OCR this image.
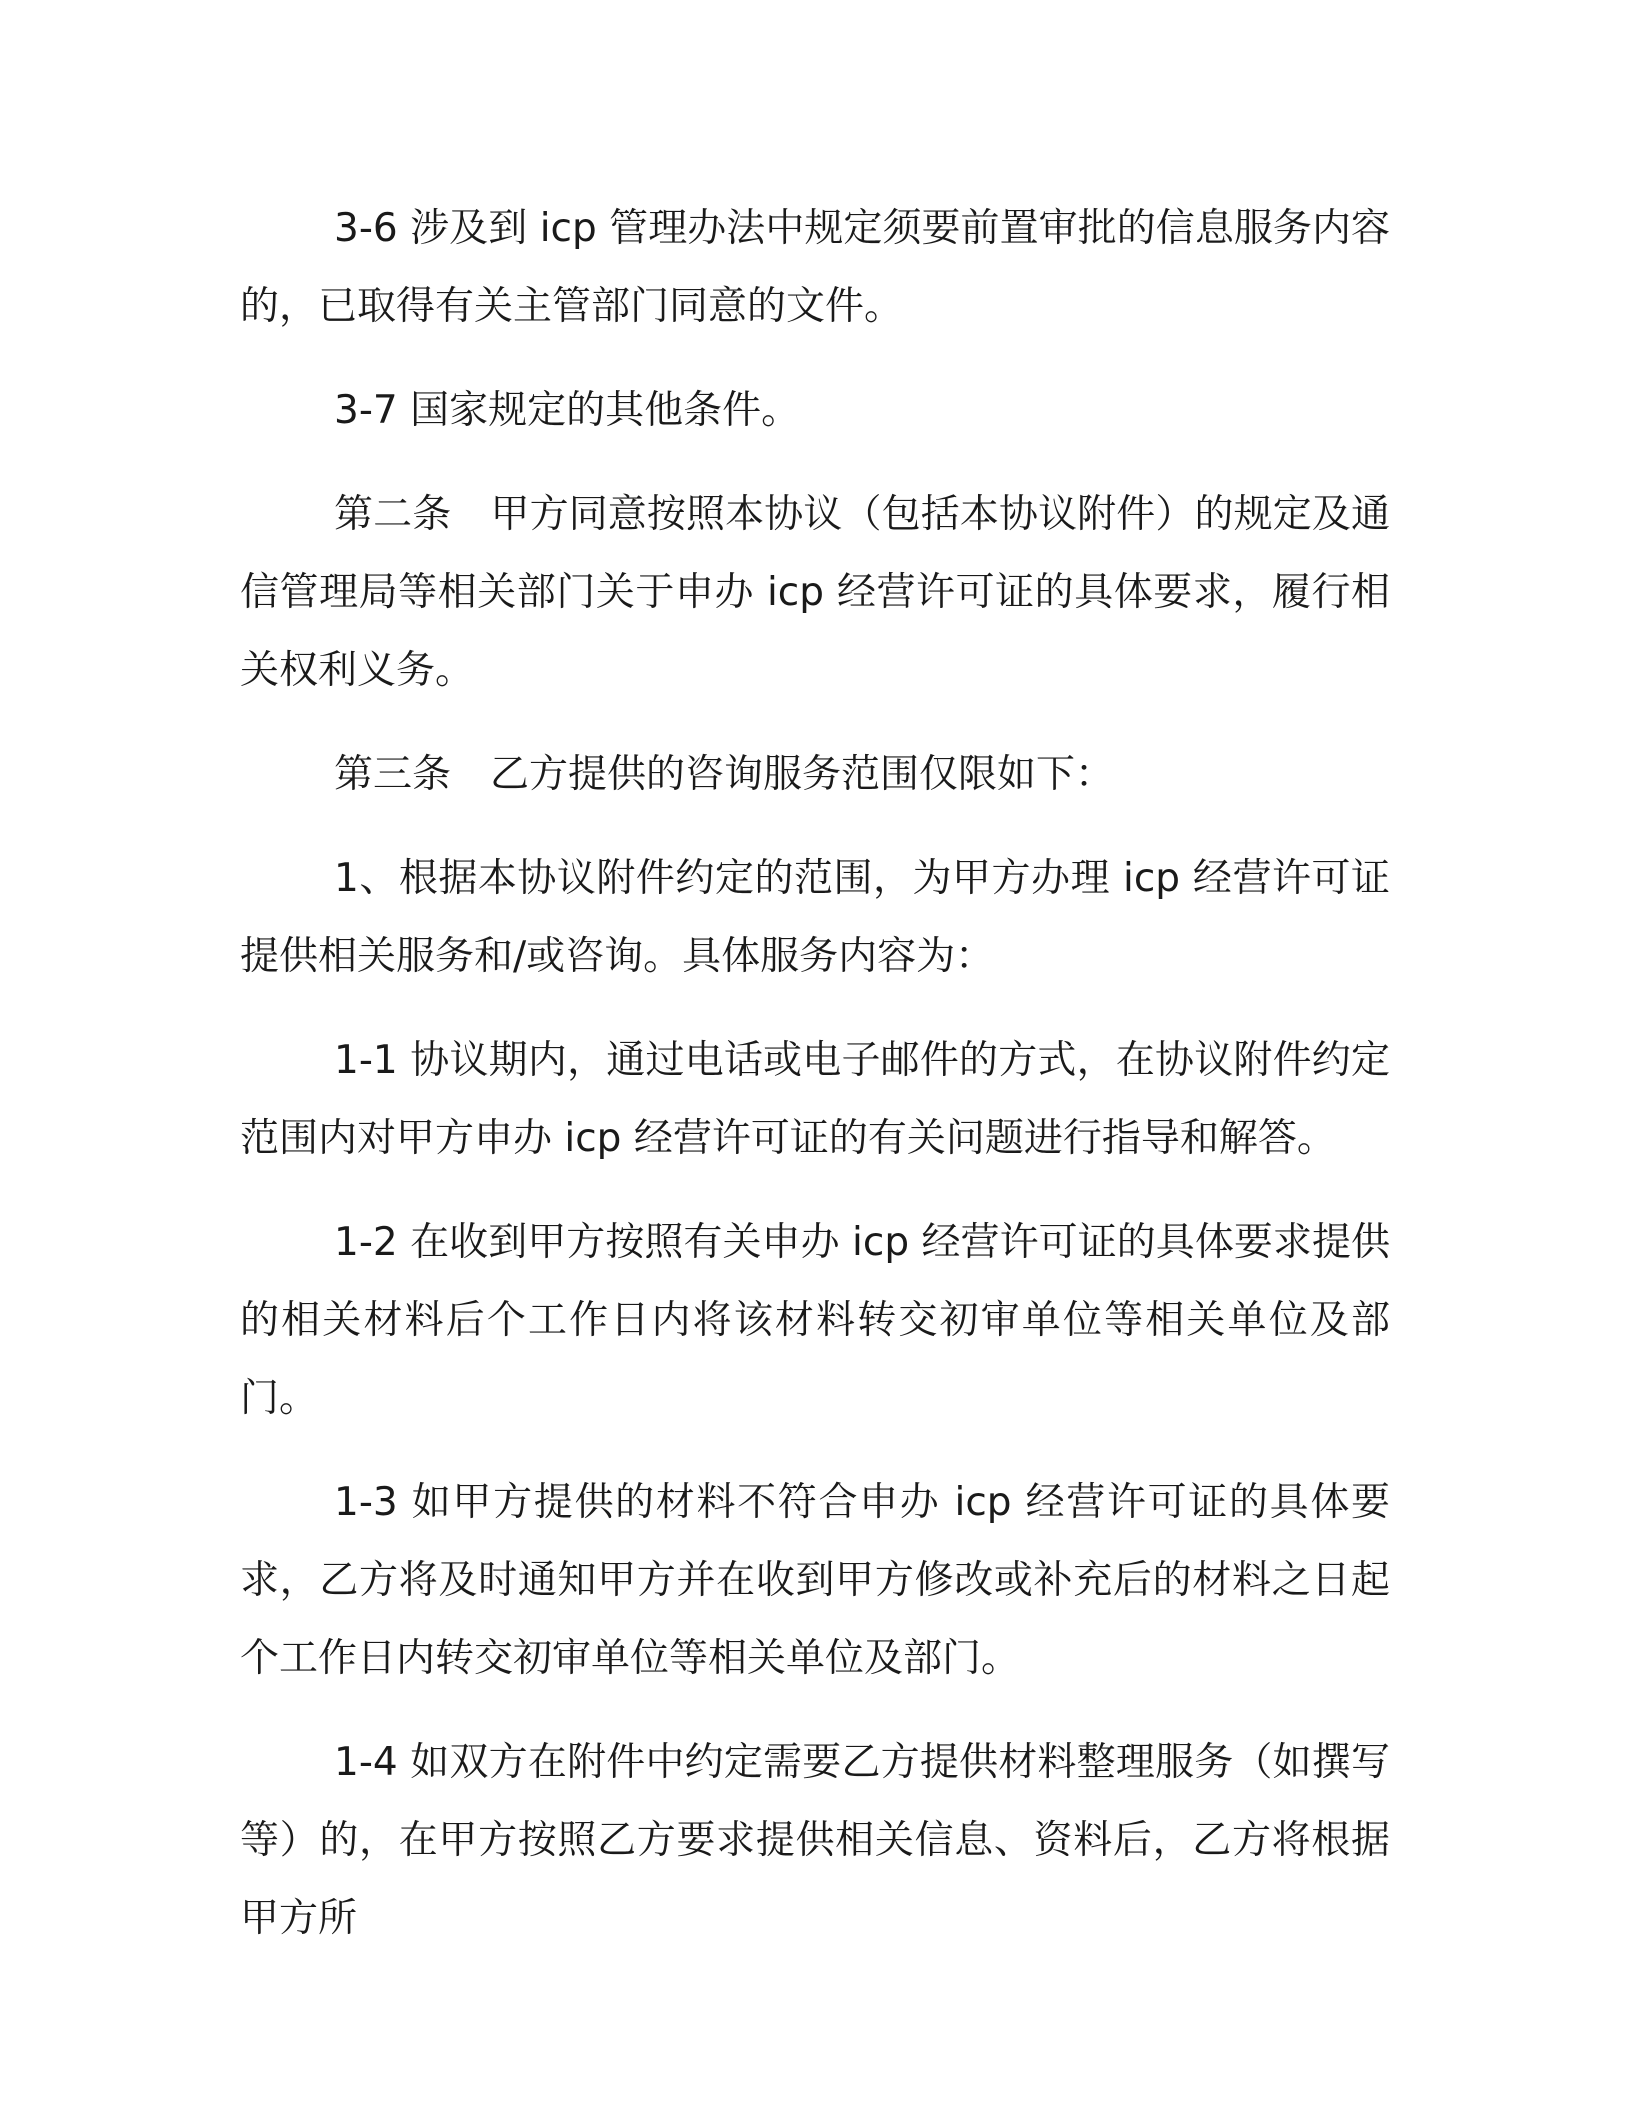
3-6 涉及到 icp 管理办法中规定须要前置审批的信息服务内容的，已取得有关主管部门同意的文件。

3-7 国家规定的其他条件。

第二条　甲方同意按照本协议（包括本协议附件）的规定及通信管理局等相关部门关于申办 icp 经营许可证的具体要求，履行相关权利义务。

第三条　乙方提供的咨询服务范围仅限如下：

1、根据本协议附件约定的范围，为甲方办理 icp 经营许可证提供相关服务和/或咨询。具体服务内容为：

1-1 协议期内，通过电话或电子邮件的方式，在协议附件约定范围内对甲方申办 icp 经营许可证的有关问题进行指导和解答。

1-2 在收到甲方按照有关申办 icp 经营许可证的具体要求提供的相关材料后个工作日内将该材料转交初审单位等相关单位及部门。

1-3 如甲方提供的材料不符合申办 icp 经营许可证的具体要求，乙方将及时通知甲方并在收到甲方修改或补充后的材料之日起个工作日内转交初审单位等相关单位及部门。

1-4 如双方在附件中约定需要乙方提供材料整理服务（如撰写等）的，在甲方按照乙方要求提供相关信息、资料后，乙方将根据甲方所
